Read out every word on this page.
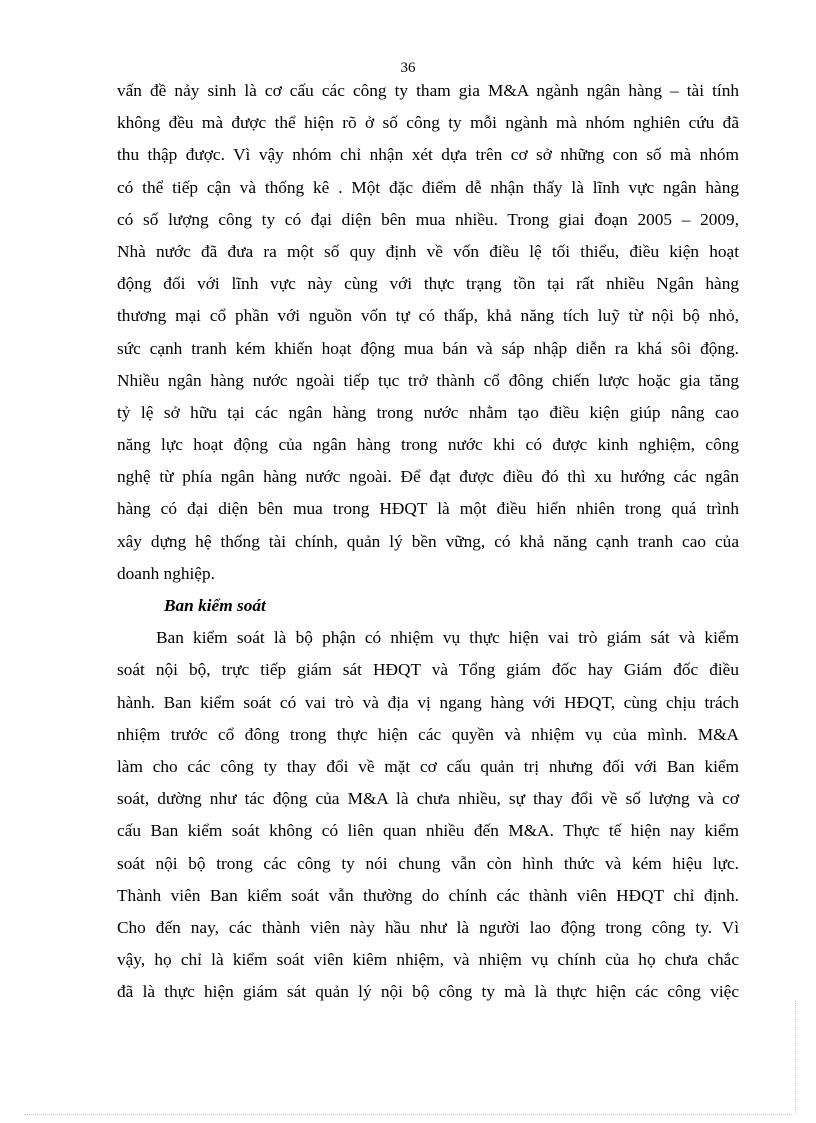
36
vấn đề nảy sinh là cơ cấu các công ty tham gia M&A ngành ngân hàng – tài tính
không đều mà được thể hiện rõ ở số công ty mỗi ngành mà nhóm nghiên cứu đã
thu thập được. Vì vậy nhóm chỉ nhận xét dựa trên cơ sở những con số mà nhóm
có thể tiếp cận và thống kê . Một đặc điểm dễ nhận thấy là lĩnh vực ngân hàng
có số lượng công ty có đại diện bên mua nhiều. Trong giai đoạn 2005 – 2009,
Nhà nước đã đưa ra một số quy định về vốn điều lệ tối thiểu, điều kiện hoạt
động đối với lĩnh vực này cùng với thực trạng tồn tại rất nhiều Ngân hàng
thương mại cổ phần với nguồn vốn tự có thấp, khả năng tích luỹ từ nội bộ nhỏ,
sức cạnh tranh kém khiến hoạt động mua bán và sáp nhập diễn ra khá sôi động.
Nhiều ngân hàng nước ngoài tiếp tục trở thành cổ đông chiến lược hoặc gia tăng
tỷ lệ sở hữu tại các ngân hàng trong nước nhằm tạo điều kiện giúp nâng cao
năng lực hoạt động của ngân hàng trong nước khi có được kinh nghiệm, công
nghệ từ phía ngân hàng nước ngoài. Để đạt được điều đó thì xu hướng các ngân
hàng có đại diện bên mua trong HĐQT là một điều hiển nhiên trong quá trình
xây dựng hệ thống tài chính, quản lý bền vững, có khả năng cạnh tranh cao của
doanh nghiệp.
Ban kiểm soát
Ban kiểm soát là bộ phận có nhiệm vụ thực hiện vai trò giám sát và kiểm
soát nội bộ, trực tiếp giám sát HĐQT và Tổng giám đốc hay Giám đốc điều
hành. Ban kiểm soát có vai trò và địa vị ngang hàng với HĐQT, cùng chịu trách
nhiệm trước cổ đông trong thực hiện các quyền và nhiệm vụ của mình. M&A
làm cho các công ty thay đổi về mặt cơ cấu quản trị nhưng đối với Ban kiểm
soát, dường như tác động của M&A là chưa nhiều, sự thay đổi về số lượng và cơ
cấu Ban kiểm soát không có liên quan nhiều đến M&A. Thực tế hiện nay kiểm
soát nội bộ trong các công ty nói chung vẫn còn hình thức và kém hiệu lực.
Thành viên Ban kiểm soát vẫn thường do chính các thành viên HĐQT chỉ định.
Cho đến nay, các thành viên này hầu như là người lao động trong công ty. Vì
vậy, họ chỉ là kiểm soát viên kiêm nhiệm, và nhiệm vụ chính của họ chưa chắc
đã là thực hiện giám sát quản lý nội bộ công ty mà là thực hiện các công việc
